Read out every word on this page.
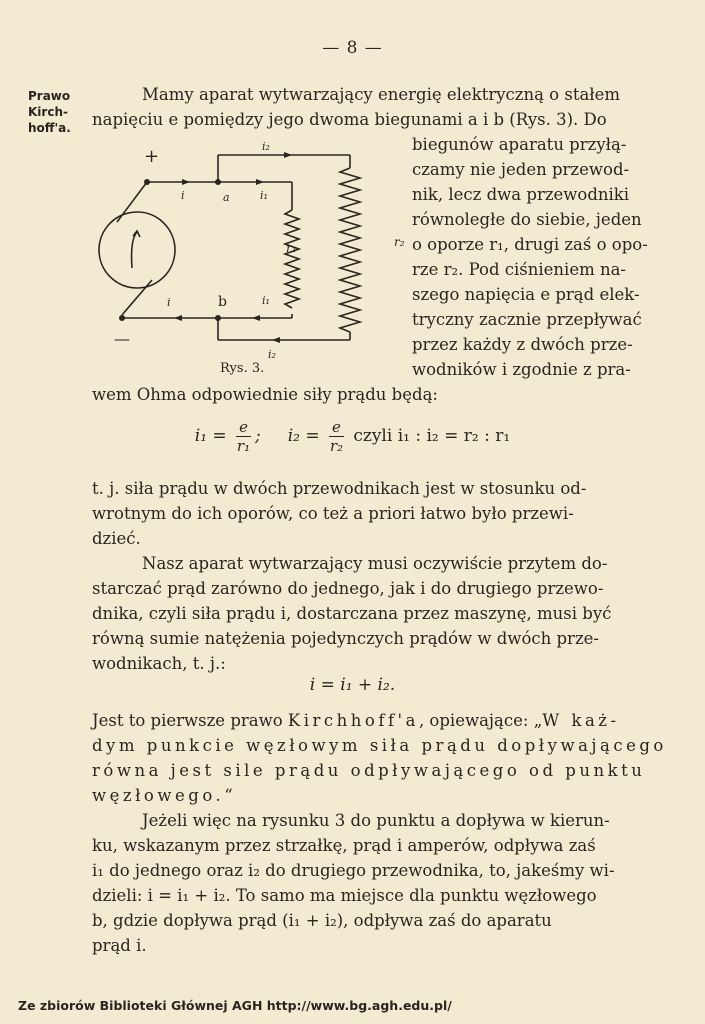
— 8 —
Prawo
Kirch-
hoff'a.
Mamy aparat wytwarzający energię elektryczną o stałem
napięciu e pomiędzy jego dwoma biegunami a i b (Rys. 3). Do
biegunów aparatu przyłą-
czamy nie jeden przewod-
nik, lecz dwa przewodniki
równoległe do siebie, jeden
o oporze r₁, drugi zaś o opo-
rze r₂. Pod ciśnieniem na-
szego napięcia e prąd elek-
tryczny zacznie przepływać
przez każdy z dwóch prze-
wodników i zgodnie z pra-
wem Ohma odpowiednie siły prądu będą:
+
—
a
b
i
i
i₁
i₁
i₂
i₂
r₁	r₂
Rys. 3.
$i_1 = \frac{e}{\text{r₁}}$ ; $i_2 = \frac{e}{\text{r₂}}$ czyli i₁ : i₂ = r₂ : r₁
t. j. siła prądu w dwóch przewodnikach jest w stosunku od-
wrotnym do ich oporów, co też a priori łatwo było przewi-
dzieć.
Nasz aparat wytwarzający musi oczywiście przytem do-
starczać prąd zarówno do jednego, jak i do drugiego przewo-
dnika, czyli siła prądu i, dostarczana przez maszynę, musi być
równą sumie natężenia pojedynczych prądów w dwóch prze-
wodnikach, t. j.:
i = i₁ + i₂.
Jest to pierwsze prawo Kirchhoff'a, opiewające: „W każ-
dym punkcie węzłowym siła prądu dopływającego
równa jest sile prądu odpływającego od punktu
węzłowego.“
Jeżeli więc na rysunku 3 do punktu a dopływa w kierun-
ku, wskazanym przez strzałkę, prąd i amperów, odpływa zaś
i₁ do jednego oraz i₂ do drugiego przewodnika, to, jakeśmy wi-
dzieli: i = i₁ + i₂. To samo ma miejsce dla punktu węzłowego
b, gdzie dopływa prąd (i₁ + i₂), odpływa zaś do aparatu
prąd i.
Ze zbiorów Biblioteki Głównej AGH http://www.bg.agh.edu.pl/
